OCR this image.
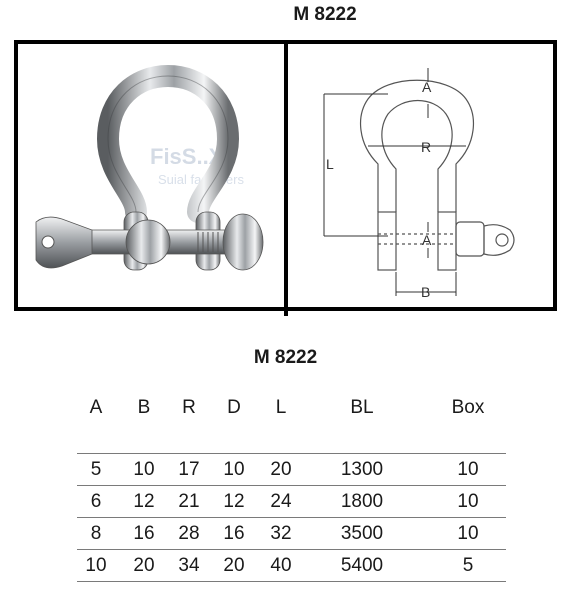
M 8222
FisS..X
Suial fasteners
A
R
L
A
B
M 8222
A	B	R	D	L	BL	Box
5	10	17	10	20	1300	10
6	12	21	12	24	1800	10
8	16	28	16	32	3500	10
10	20	34	20	40	5400	5
